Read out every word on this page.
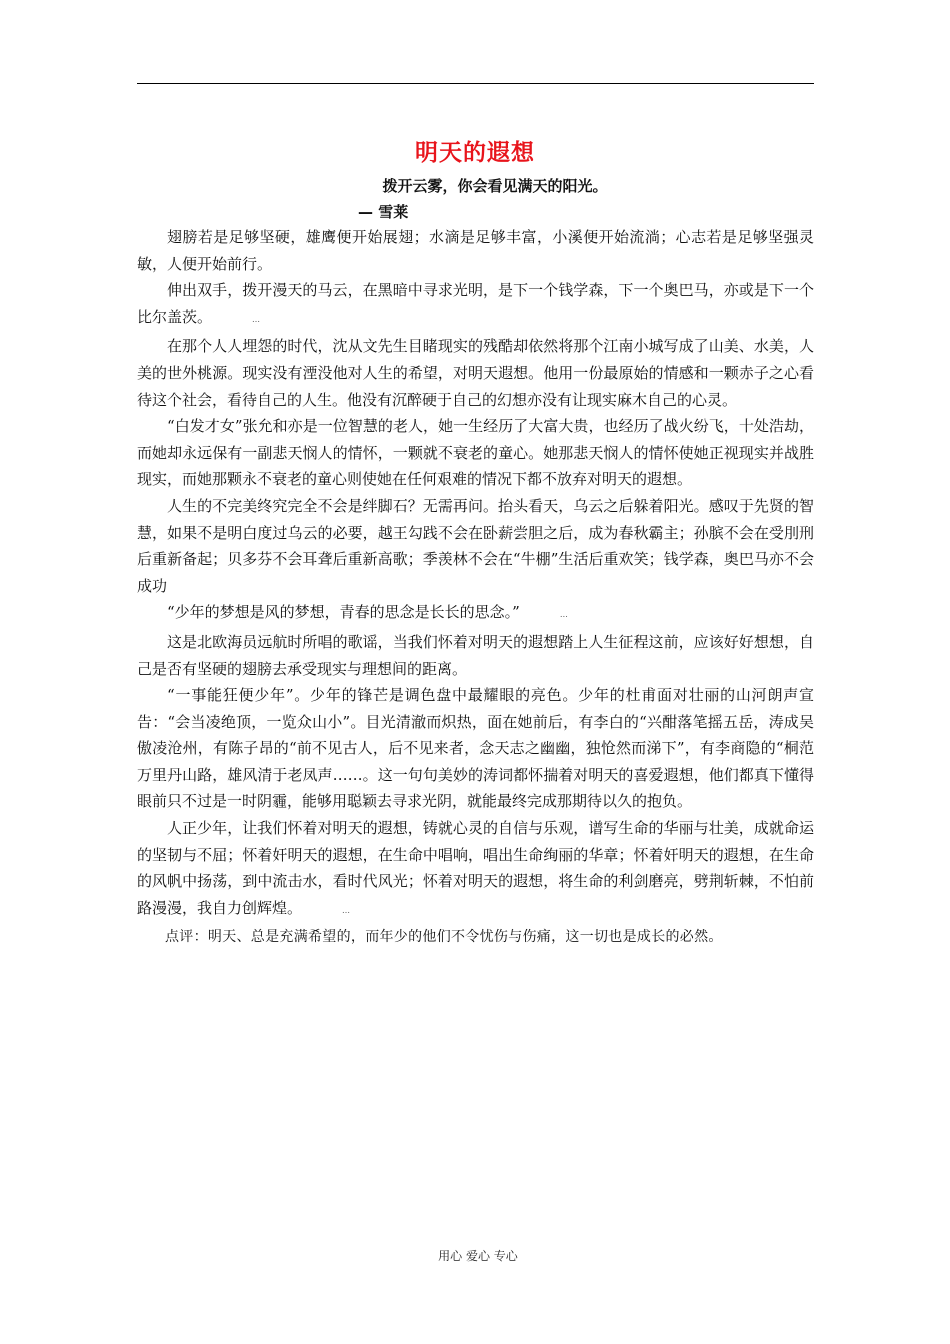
明天的遐想
拨开云雾，你会看见满天的阳光。
— 雪莱

翅膀若是足够坚硬，雄鹰便开始展翅；水滴是足够丰富，小溪便开始流淌；心志若是足够坚强灵敏，人便开始前行。

伸出双手，拨开漫天的马云，在黑暗中寻求光明，是下一个钱学森，下一个奥巴马，亦或是下一个比尔盖茨。	…

在那个人人埋怨的时代，沈从文先生目睹现实的残酷却依然将那个江南小城写成了山美、水美，人美的世外桃源。现实没有湮没他对人生的希望，对明天遐想。他用一份最原始的情感和一颗赤子之心看待这个社会，看待自己的人生。他没有沉醉硬于自己的幻想亦没有让现实麻木自己的心灵。

“白发才女”张允和亦是一位智慧的老人，她一生经历了大富大贵，也经历了战火纷飞，十处浩劫，而她却永远保有一副悲天悯人的情怀，一颗就不衰老的童心。她那悲天悯人的情怀使她正视现实并战胜现实，而她那颗永不衰老的童心则使她在任何艰难的情况下都不放弃对明天的遐想。

人生的不完美终究完全不会是绊脚石？无需再问。抬头看天，乌云之后躲着阳光。感叹于先贤的智慧，如果不是明白度过乌云的必要，越王勾践不会在卧薪尝胆之后，成为春秋霸主；孙膑不会在受刖刑后重新备起；贝多芬不会耳聋后重新高歌；季羡林不会在“牛棚”生活后重欢笑；钱学森，奥巴马亦不会成功

“少年的梦想是风的梦想，青春的思念是长长的思念。”	…

这是北欧海员远航时所唱的歌谣，当我们怀着对明天的遐想踏上人生征程这前，应该好好想想，自己是否有坚硬的翅膀去承受现实与理想间的距离。

“一事能狂便少年”。少年的锋芒是调色盘中最耀眼的亮色。少年的杜甫面对壮丽的山河朗声宣告：“会当凌绝顶，一览众山小”。目光清澈而炽热，面在她前后，有李白的“兴酣落笔摇五岳，涛成吴傲凌沧州，有陈子昂的“前不见古人，后不见来者，念天志之幽幽，独怆然而涕下”，有李商隐的“桐范万里丹山路，雄风清于老凤声……。这一句句美妙的涛词都怀揣着对明天的喜爱遐想，他们都真下懂得眼前只不过是一时阴霾，能够用聪颖去寻求光阴，就能最终完成那期待以久的抱负。

人正少年，让我们怀着对明天的遐想，铸就心灵的自信与乐观，谱写生命的华丽与壮美，成就命运的坚韧与不屈；怀着奸明天的遐想，在生命中唱响，唱出生命绚丽的华章；怀着奸明天的遐想，在生命的风帆中扬荡，到中流击水，看时代风光；怀着对明天的遐想，将生命的利剑磨亮，劈荆斩棘，不怕前路漫漫，我自力创辉煌。	…

点评：明天、总是充满希望的，而年少的他们不令忧伤与伤痛，这一切也是成长的必然。

用心 爱心 专心
